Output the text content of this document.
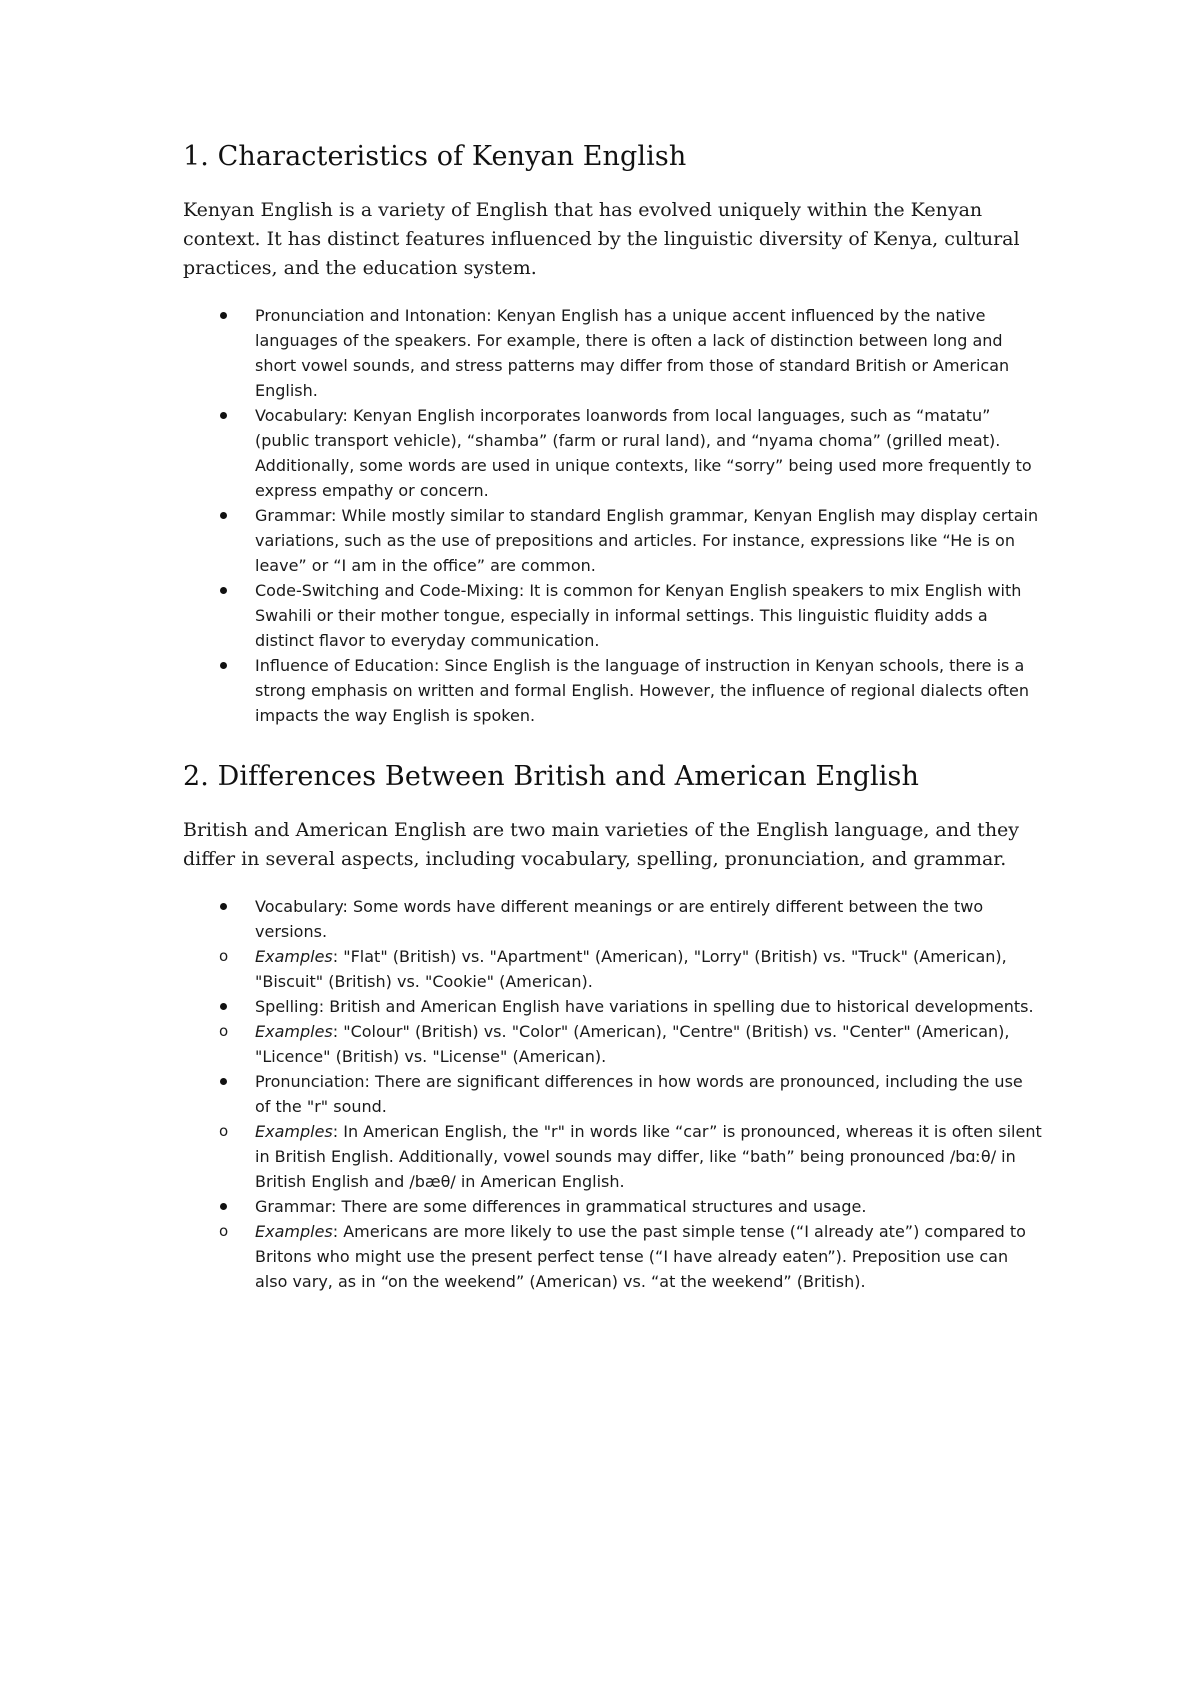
1. Characteristics of Kenyan English

Kenyan English is a variety of English that has evolved uniquely within the Kenyan context. It has distinct features influenced by the linguistic diversity of Kenya, cultural practices, and the education system.

Pronunciation and Intonation: Kenyan English has a unique accent influenced by the native languages of the speakers. For example, there is often a lack of distinction between long and short vowel sounds, and stress patterns may differ from those of standard British or American English.
Vocabulary: Kenyan English incorporates loanwords from local languages, such as “matatu” (public transport vehicle), “shamba” (farm or rural land), and “nyama choma” (grilled meat). Additionally, some words are used in unique contexts, like “sorry” being used more frequently to express empathy or concern.
Grammar: While mostly similar to standard English grammar, Kenyan English may display certain variations, such as the use of prepositions and articles. For instance, expressions like “He is on leave” or “I am in the office” are common.
Code-Switching and Code-Mixing: It is common for Kenyan English speakers to mix English with Swahili or their mother tongue, especially in informal settings. This linguistic fluidity adds a distinct flavor to everyday communication.
Influence of Education: Since English is the language of instruction in Kenyan schools, there is a strong emphasis on written and formal English. However, the influence of regional dialects often impacts the way English is spoken.
2. Differences Between British and American English

British and American English are two main varieties of the English language, and they differ in several aspects, including vocabulary, spelling, pronunciation, and grammar.

Vocabulary: Some words have different meanings or are entirely different between the two versions.
o Examples: "Flat" (British) vs. "Apartment" (American), "Lorry" (British) vs. "Truck" (American), "Biscuit" (British) vs. "Cookie" (American).
Spelling: British and American English have variations in spelling due to historical developments.
o Examples: "Colour" (British) vs. "Color" (American), "Centre" (British) vs. "Center" (American), "Licence" (British) vs. "License" (American).
Pronunciation: There are significant differences in how words are pronounced, including the use of the "r" sound.
o Examples: In American English, the "r" in words like “car” is pronounced, whereas it is often silent in British English. Additionally, vowel sounds may differ, like “bath” being pronounced /bɑːθ/ in British English and /bæθ/ in American English.
Grammar: There are some differences in grammatical structures and usage.
o Examples: Americans are more likely to use the past simple tense (“I already ate”) compared to Britons who might use the present perfect tense (“I have already eaten”). Preposition use can also vary, as in “on the weekend” (American) vs. “at the weekend” (British).
